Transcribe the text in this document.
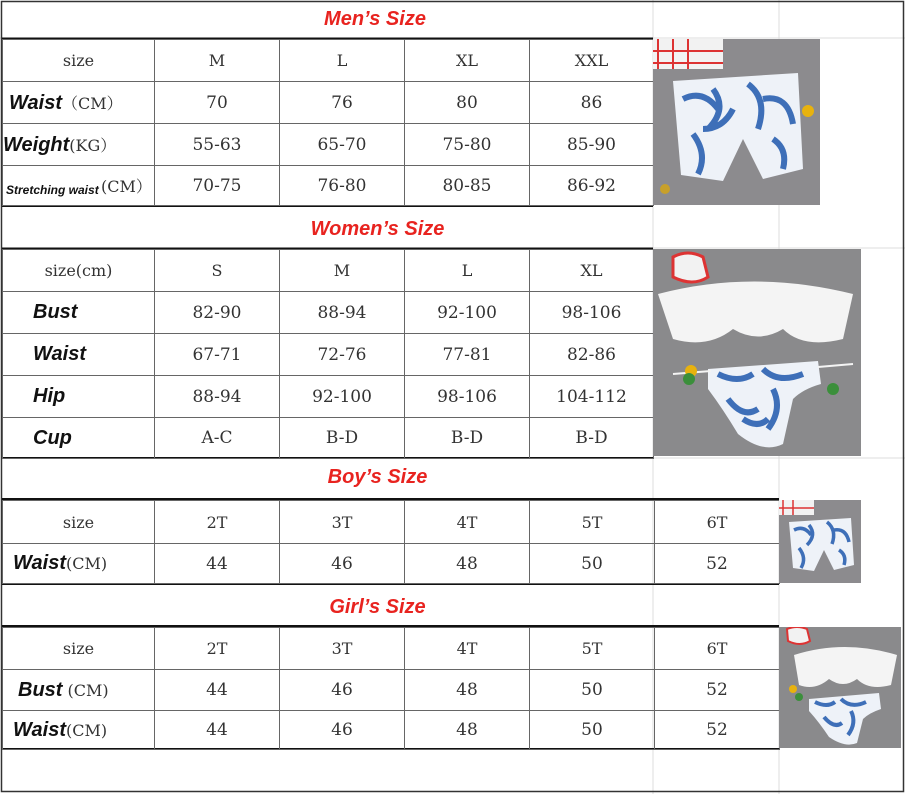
Men’s Size
size	M	L	XL	XXL
Waist（CM）	70	76	80	86
Weight(KG）	55-63	65-70	75-80	85-90

Stretching waist (CM）	70-75	76-80	80-85	86-92
Women’s Size
size(cm)	S	M	L	XL
Bust	82-90	88-94	92-100	98-106
Waist	67-71	72-76	77-81	82-86
Hip	88-94	92-100	98-106	104-112
Cup	A-C	B-D	B-D	B-D
Boy’s Size
size	2T	3T	4T	5T	6T
Waist(CM)	44	46	48	50	52
Girl’s Size
size	2T	3T	4T	5T	6T
Bust (CM)	44	46	48	50	52
Waist(CM)	44	46	48	50	52
